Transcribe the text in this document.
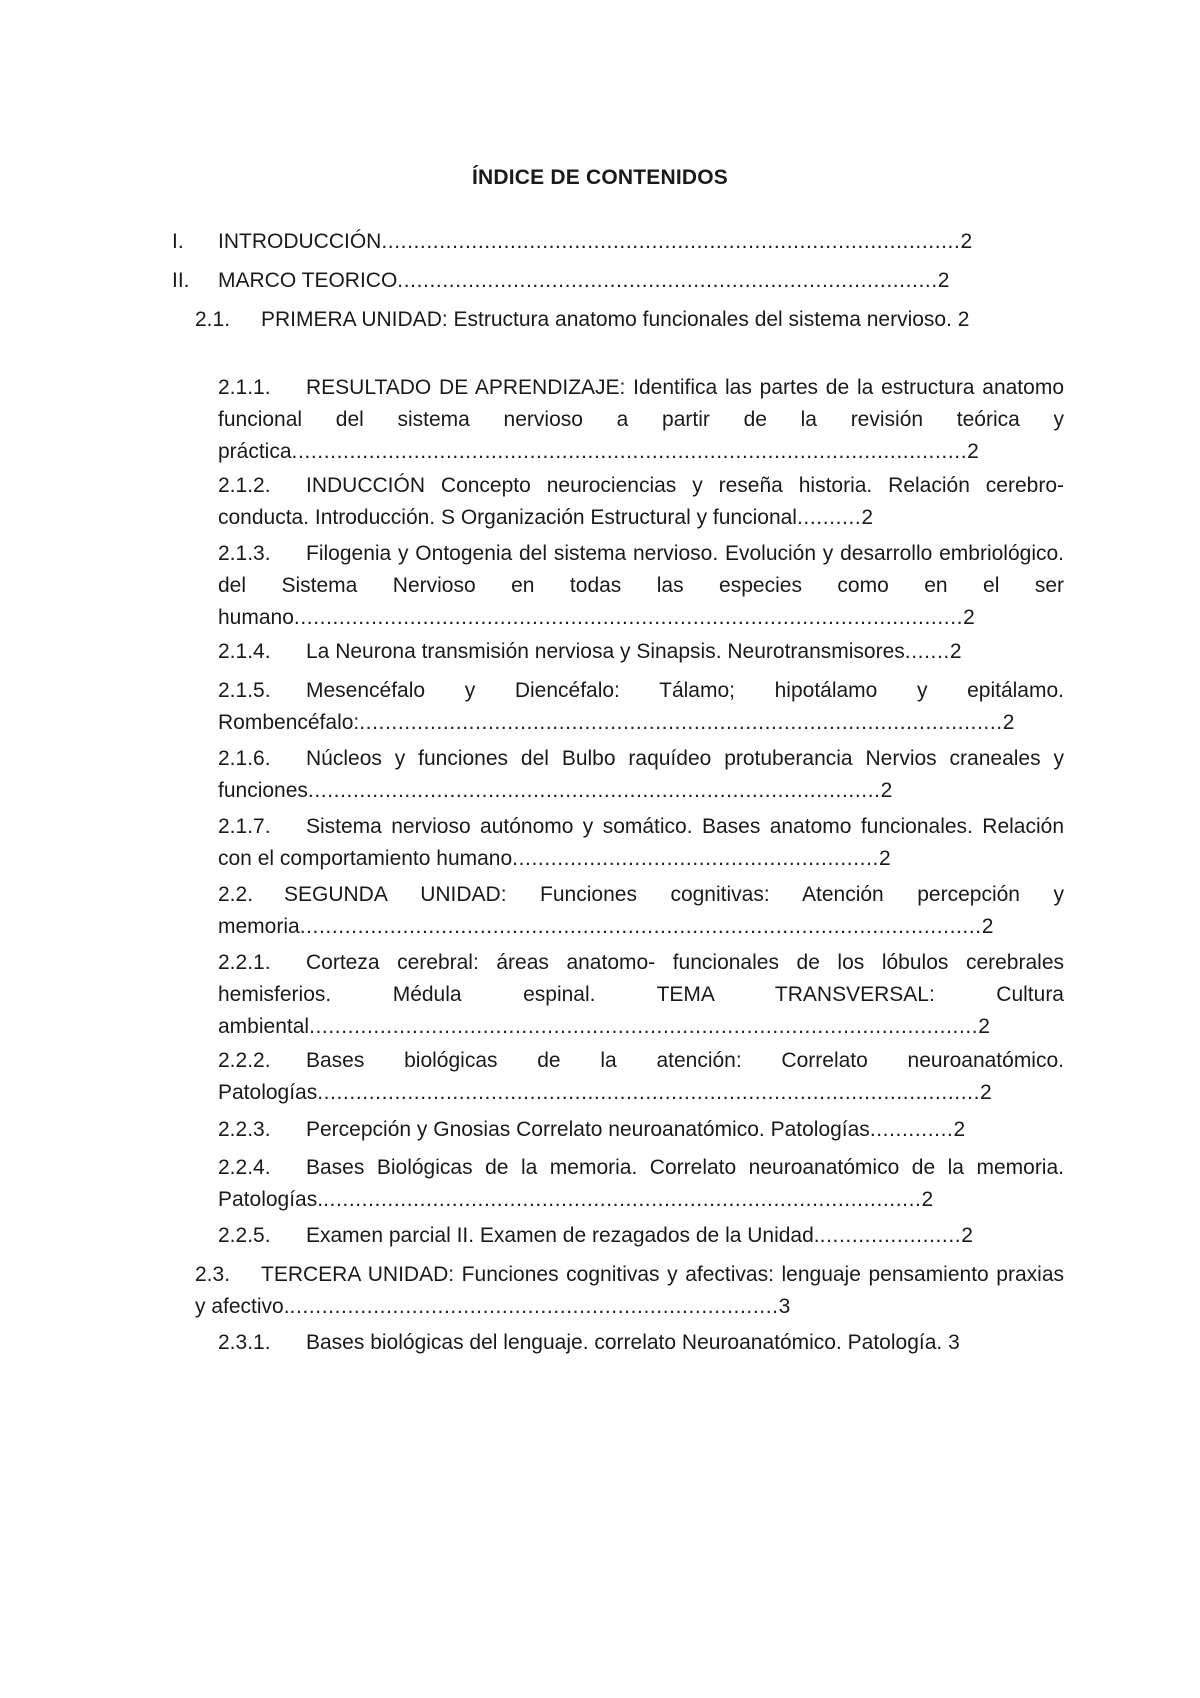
ÍNDICE DE CONTENIDOS
I. INTRODUCCIÓN..........................................................................................2
II. MARCO TEORICO....................................................................................2
2.1. PRIMERA UNIDAD: Estructura anatomo funcionales del sistema nervioso. 2
2.1.1. RESULTADO DE APRENDIZAJE: Identifica las partes de la estructura anatomo funcional del sistema nervioso a partir de la revisión teórica y práctica.........................................................................................................2
2.1.2. INDUCCIÓN Concepto neurociencias y reseña historia. Relación cerebro-conducta. Introducción. S Organización Estructural y funcional..........2
2.1.3. Filogenia y Ontogenia del sistema nervioso. Evolución y desarrollo embriológico. del Sistema Nervioso en todas las especies como en el ser humano........................................................................................................2
2.1.4. La Neurona transmisión nerviosa y Sinapsis. Neurotransmisores.......2
2.1.5. Mesencéfalo y Diencéfalo: Tálamo; hipotálamo y epitálamo. Rombencéfalo:....................................................................................................2
2.1.6. Núcleos y funciones del Bulbo raquídeo protuberancia Nervios craneales y funciones.........................................................................................2
2.1.7. Sistema nervioso autónomo y somático. Bases anatomo funcionales. Relación con el comportamiento humano.........................................................2
2.2. SEGUNDA UNIDAD: Funciones cognitivas: Atención percepción y memoria..........................................................................................................2
2.2.1. Corteza cerebral: áreas anatomo- funcionales de los lóbulos cerebrales hemisferios. Médula espinal. TEMA TRANSVERSAL: Cultura ambiental........................................................................................................2
2.2.2. Bases biológicas de la atención: Correlato neuroanatómico. Patologías.......................................................................................................2
2.2.3. Percepción y Gnosias Correlato neuroanatómico. Patologías.............2
2.2.4. Bases Biológicas de la memoria. Correlato neuroanatómico de la memoria. Patologías..............................................................................................2
2.2.5. Examen parcial II. Examen de rezagados de la Unidad.......................2
2.3. TERCERA UNIDAD: Funciones cognitivas y afectivas: lenguaje pensamiento praxias y afectivo.............................................................................3
2.3.1. Bases biológicas del lenguaje. correlato Neuroanatómico. Patología. 3
